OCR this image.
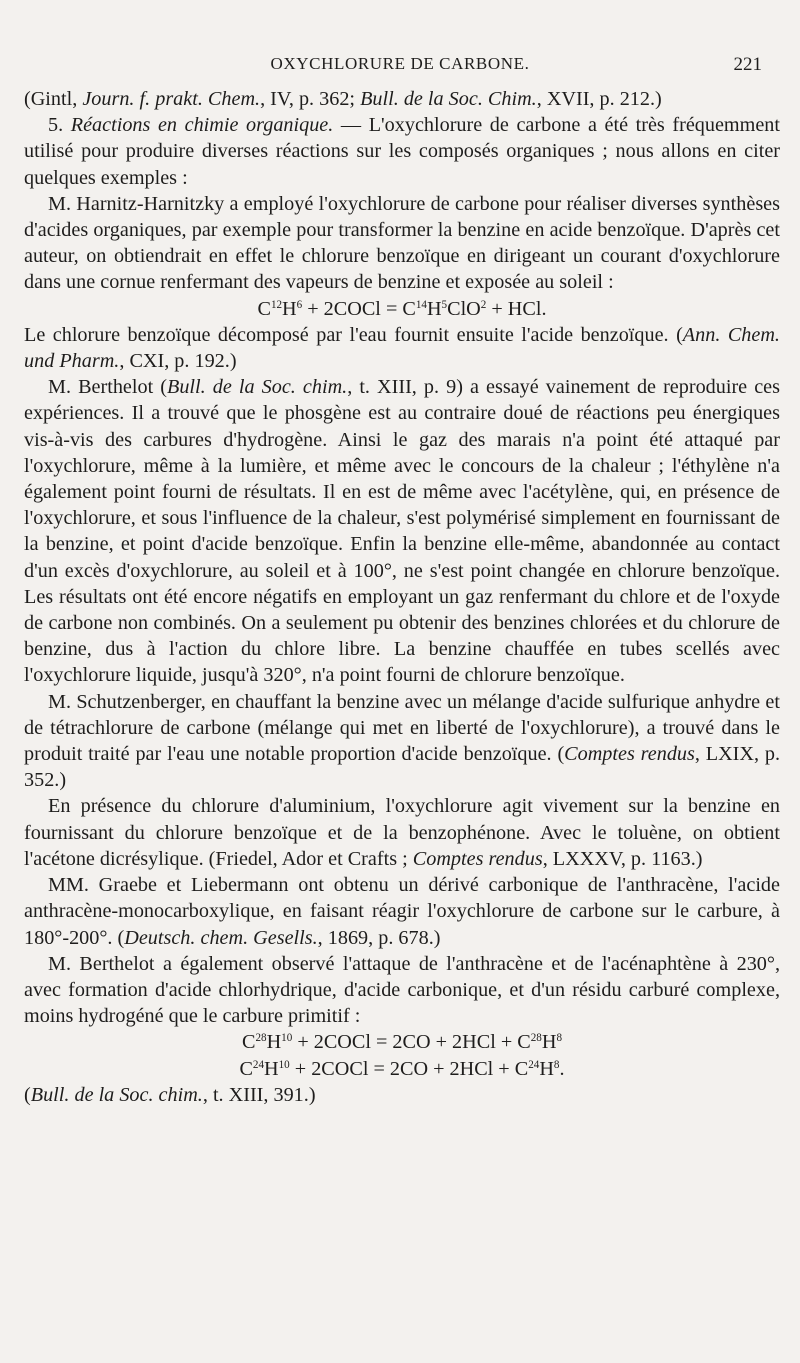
OXYCHLORURE DE CARBONE.	221

(Gintl, Journ. f. prakt. Chem., IV, p. 362; Bull. de la Soc. Chim., XVII, p. 212.)

5. Réactions en chimie organique. — L'oxychlorure de carbone a été très fréquemment utilisé pour produire diverses réactions sur les composés organiques ; nous allons en citer quelques exemples :

M. Harnitz-Harnitzky a employé l'oxychlorure de carbone pour réaliser diverses synthèses d'acides organiques, par exemple pour transformer la benzine en acide benzoïque. D'après cet auteur, on obtiendrait en effet le chlorure benzoïque en dirigeant un courant d'oxychlorure dans une cornue renfermant des vapeurs de benzine et exposée au soleil :

$C^{12}H^6$ + 2COCl = $C^{14}H^5ClO^2$ + HCl.

Le chlorure benzoïque décomposé par l'eau fournit ensuite l'acide benzoïque. (Ann. Chem. und Pharm., CXI, p. 192.)

M. Berthelot (Bull. de la Soc. chim., t. XIII, p. 9) a essayé vainement de reproduire ces expériences. Il a trouvé que le phosgène est au contraire doué de réactions peu énergiques vis-à-vis des carbures d'hydrogène. Ainsi le gaz des marais n'a point été attaqué par l'oxychlorure, même à la lumière, et même avec le concours de la chaleur ; l'éthylène n'a également point fourni de résultats. Il en est de même avec l'acétylène, qui, en présence de l'oxychlorure, et sous l'influence de la chaleur, s'est polymérisé simplement en fournissant de la benzine, et point d'acide benzoïque. Enfin la benzine elle-même, abandonnée au contact d'un excès d'oxychlorure, au soleil et à 100°, ne s'est point changée en chlorure benzoïque. Les résultats ont été encore négatifs en employant un gaz renfermant du chlore et de l'oxyde de carbone non combinés. On a seulement pu obtenir des benzines chlorées et du chlorure de benzine, dus à l'action du chlore libre. La benzine chauffée en tubes scellés avec l'oxychlorure liquide, jusqu'à 320°, n'a point fourni de chlorure benzoïque.

M. Schutzenberger, en chauffant la benzine avec un mélange d'acide sulfurique anhydre et de tétrachlorure de carbone (mélange qui met en liberté de l'oxychlorure), a trouvé dans le produit traité par l'eau une notable proportion d'acide benzoïque. (Comptes rendus, LXIX, p. 352.)

En présence du chlorure d'aluminium, l'oxychlorure agit vivement sur la benzine en fournissant du chlorure benzoïque et de la benzophénone. Avec le toluène, on obtient l'acétone dicrésylique. (Friedel, Ador et Crafts ; Comptes rendus, LXXXV, p. 1163.)

MM. Graebe et Liebermann ont obtenu un dérivé carbonique de l'anthracène, l'acide anthracène-monocarboxylique, en faisant réagir l'oxychlorure de carbone sur le carbure, à 180°-200°. (Deutsch. chem. Gesells., 1869, p. 678.)

M. Berthelot a également observé l'attaque de l'anthracène et de l'acénaphtène à 230°, avec formation d'acide chlorhydrique, d'acide carbonique, et d'un résidu carburé complexe, moins hydrogéné que le carbure primitif :

$C^{28}H^{10}$ + 2COCl = $2CO + 2HCl + C^{28}H^8$

$C^{24}H^{10}$ + 2COCl = $2CO + 2HCl + C^{24}H^8$.

(Bull. de la Soc. chim., t. XIII, 391.)
